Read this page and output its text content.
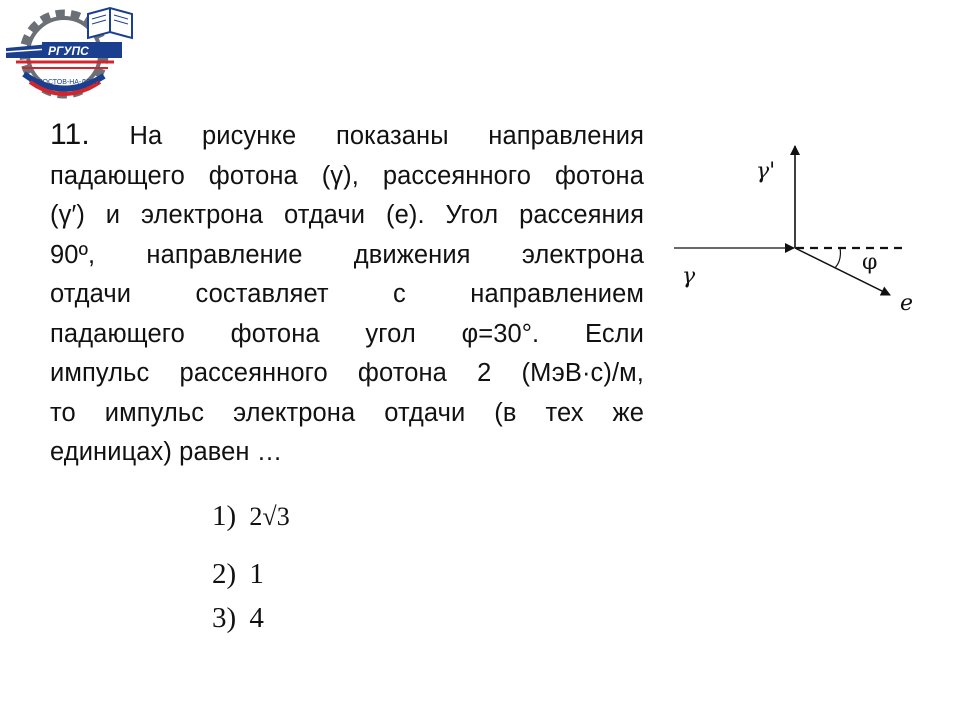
РГУПС
РОСТОВ-НА-ДОНУ
11. На рисунке показаны направления
падающего фотона (γ), рассеянного фотона
(γ′) и электрона отдачи (e). Угол рассеяния
90º, направление движения электрона
отдачи составляет с направлением
падающего фотона угол φ=30°. Если
импульс рассеянного фотона 2 (МэВ·с)/м,
то импульс электрона отдачи (в тех же
единицах) равен …
γ
γ'
e
φ
1) 2√3
2) 1
3) 4
